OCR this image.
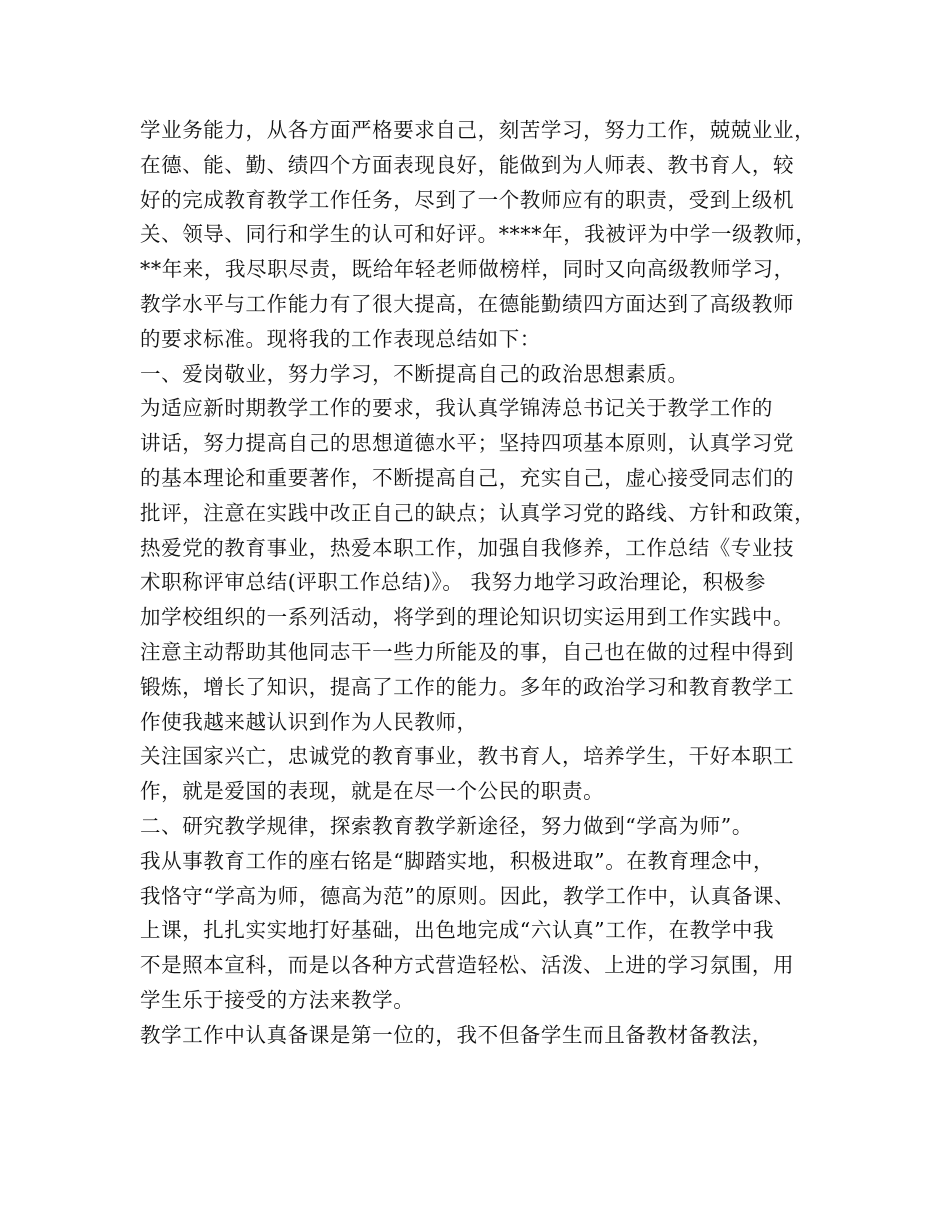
学业务能力，从各方面严格要求自己，刻苦学习，努力工作，兢兢业业，
在德、能、勤、绩四个方面表现良好，能做到为人师表、教书育人，较
好的完成教育教学工作任务，尽到了一个教师应有的职责，受到上级机
关、领导、同行和学生的认可和好评。****年，我被评为中学一级教师，
**年来，我尽职尽责，既给年轻老师做榜样，同时又向高级教师学习，
教学水平与工作能力有了很大提高，在德能勤绩四方面达到了高级教师
的要求标准。现将我的工作表现总结如下：
一、爱岗敬业，努力学习，不断提高自己的政治思想素质。
为适应新时期教学工作的要求，我认真学锦涛总书记关于教学工作的
讲话，努力提高自己的思想道德水平；坚持四项基本原则，认真学习党
的基本理论和重要著作，不断提高自己，充实自己，虚心接受同志们的
批评，注意在实践中改正自己的缺点；认真学习党的路线、方针和政策，
热爱党的教育事业，热爱本职工作，加强自我修养，工作总结《专业技
术职称评审总结(评职工作总结)》。 我努力地学习政治理论，积极参
加学校组织的一系列活动，将学到的理论知识切实运用到工作实践中。
注意主动帮助其他同志干一些力所能及的事，自己也在做的过程中得到
锻炼，增长了知识，提高了工作的能力。多年的政治学习和教育教学工
作使我越来越认识到作为人民教师，
关注国家兴亡，忠诚党的教育事业，教书育人，培养学生，干好本职工
作，就是爱国的表现，就是在尽一个公民的职责。
二、研究教学规律，探索教育教学新途径，努力做到“学高为师”。
我从事教育工作的座右铭是“脚踏实地，积极进取”。在教育理念中，
我恪守“学高为师，德高为范”的原则。因此，教学工作中，认真备课、
上课，扎扎实实地打好基础，出色地完成“六认真”工作，在教学中我
不是照本宣科，而是以各种方式营造轻松、活泼、上进的学习氛围，用
学生乐于接受的方法来教学。
教学工作中认真备课是第一位的，我不但备学生而且备教材备教法，
